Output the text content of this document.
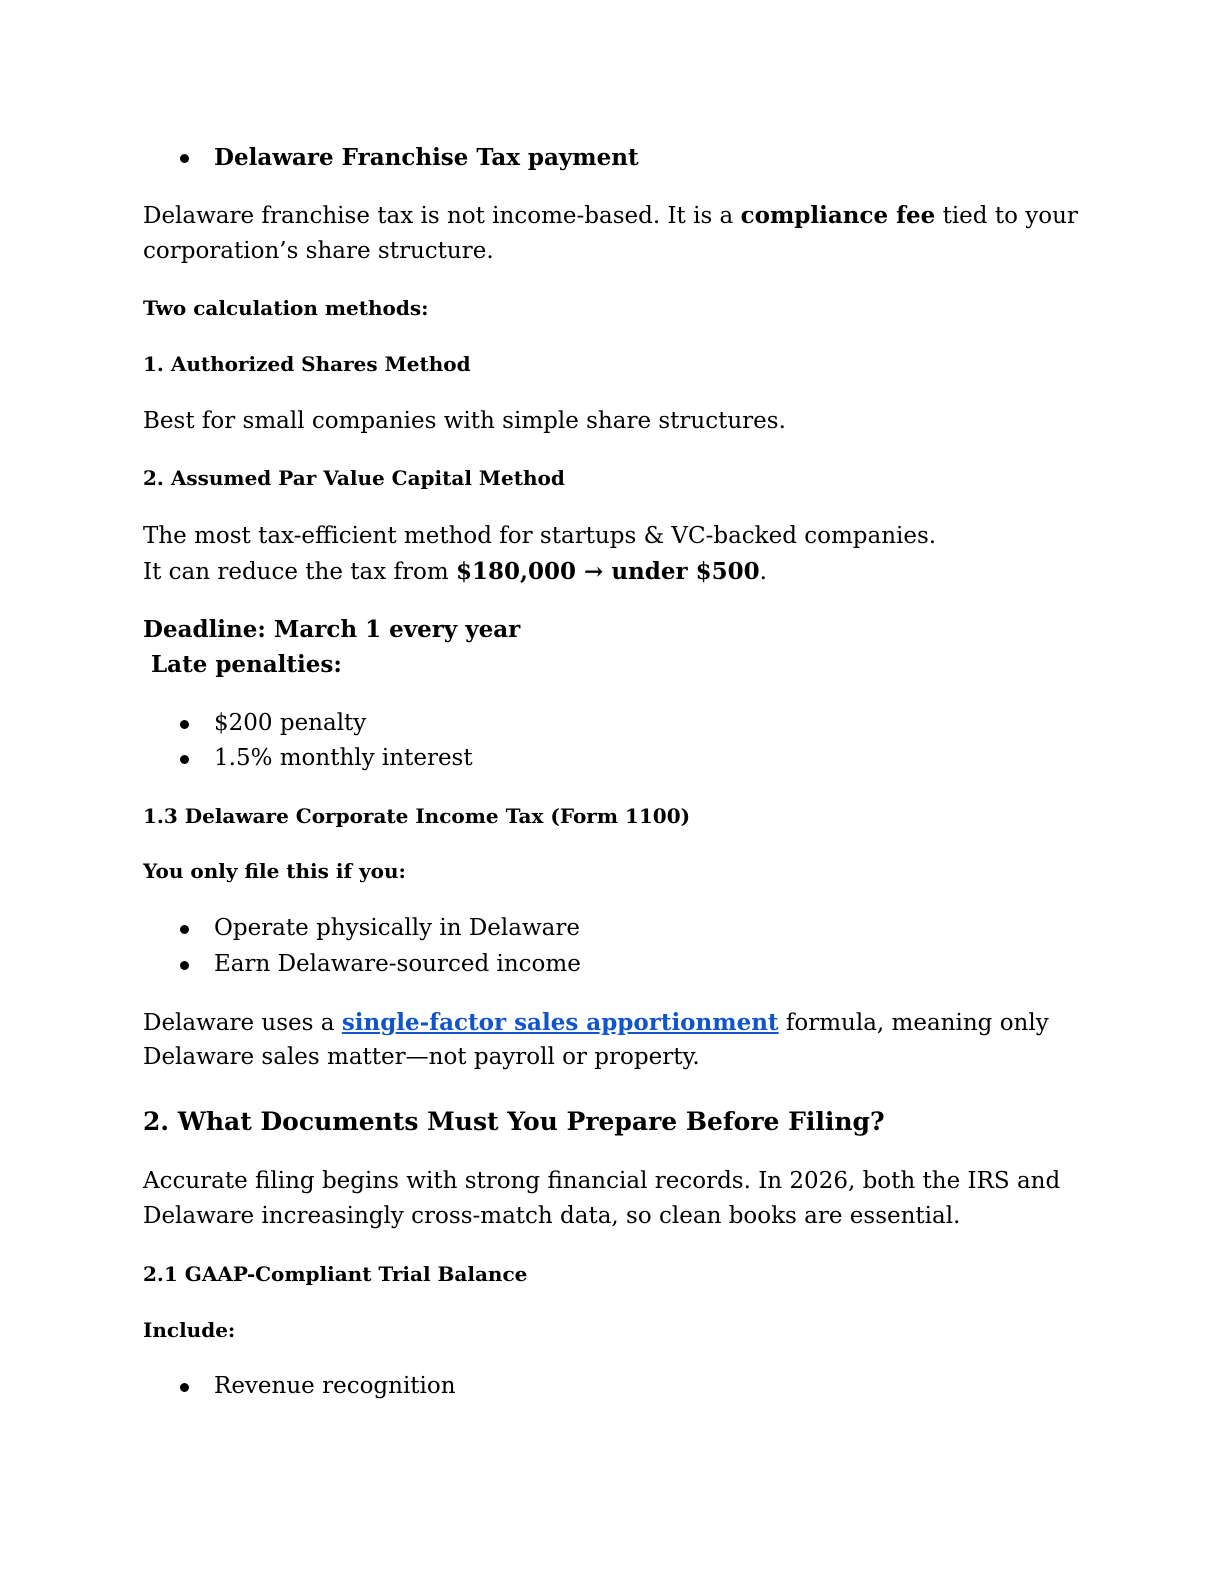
Delaware Franchise Tax payment
Delaware franchise tax is not income-based. It is a compliance fee tied to your
corporation’s share structure.
Two calculation methods:
1. Authorized Shares Method
Best for small companies with simple share structures.
2. Assumed Par Value Capital Method
The most tax-efficient method for startups & VC-backed companies.
It can reduce the tax from $180,000 → under $500.
Deadline: March 1 every year
Late penalties:
$200 penalty
1.5% monthly interest
1.3 Delaware Corporate Income Tax (Form 1100)
You only file this if you:
Operate physically in Delaware
Earn Delaware-sourced income
Delaware uses a single-factor sales apportionment formula, meaning only
Delaware sales matter—not payroll or property.
2. What Documents Must You Prepare Before Filing?
Accurate filing begins with strong financial records. In 2026, both the IRS and
Delaware increasingly cross-match data, so clean books are essential.
2.1 GAAP-Compliant Trial Balance
Include:
Revenue recognition
